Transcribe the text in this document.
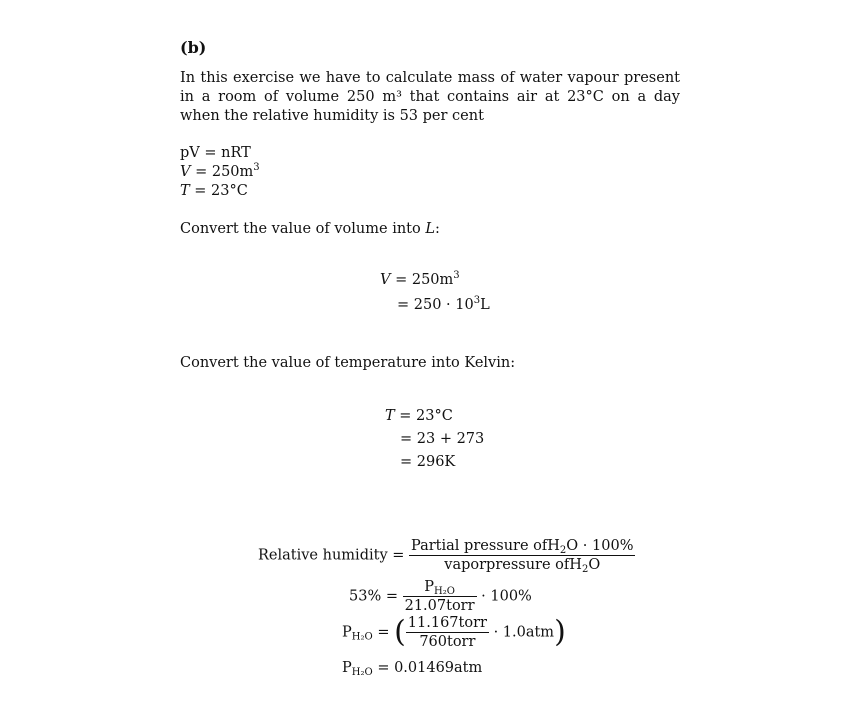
(b)
In this exercise we have to calculate mass of water vapour present in a room of volume 250 m³ that contains air at 23°C on a day when the relative humidity is 53 per cent
pV = nRT
$V = 250m^3$
T = 23°C
Convert the value of volume into L:
$V = 250m^3$
= $250 \cdot 10^3L$
Convert the value of temperature into Kelvin:
T = 23°C
= 23 + 273
= 296K
Relative humidity = $\frac{Partial pressure ofH_2O \cdot 100\%}{vaporpressure ofH_2O}$
$53\% = \frac{P_{H_2O}}{\text{21.07torr}} \cdot 100\%$
$P_{H_2O}$ = ( $\frac{\text{11.167torr}}{\text{760torr}} \cdot 1.0atm$)
$P_{H_2O} = 0.01469atm$
